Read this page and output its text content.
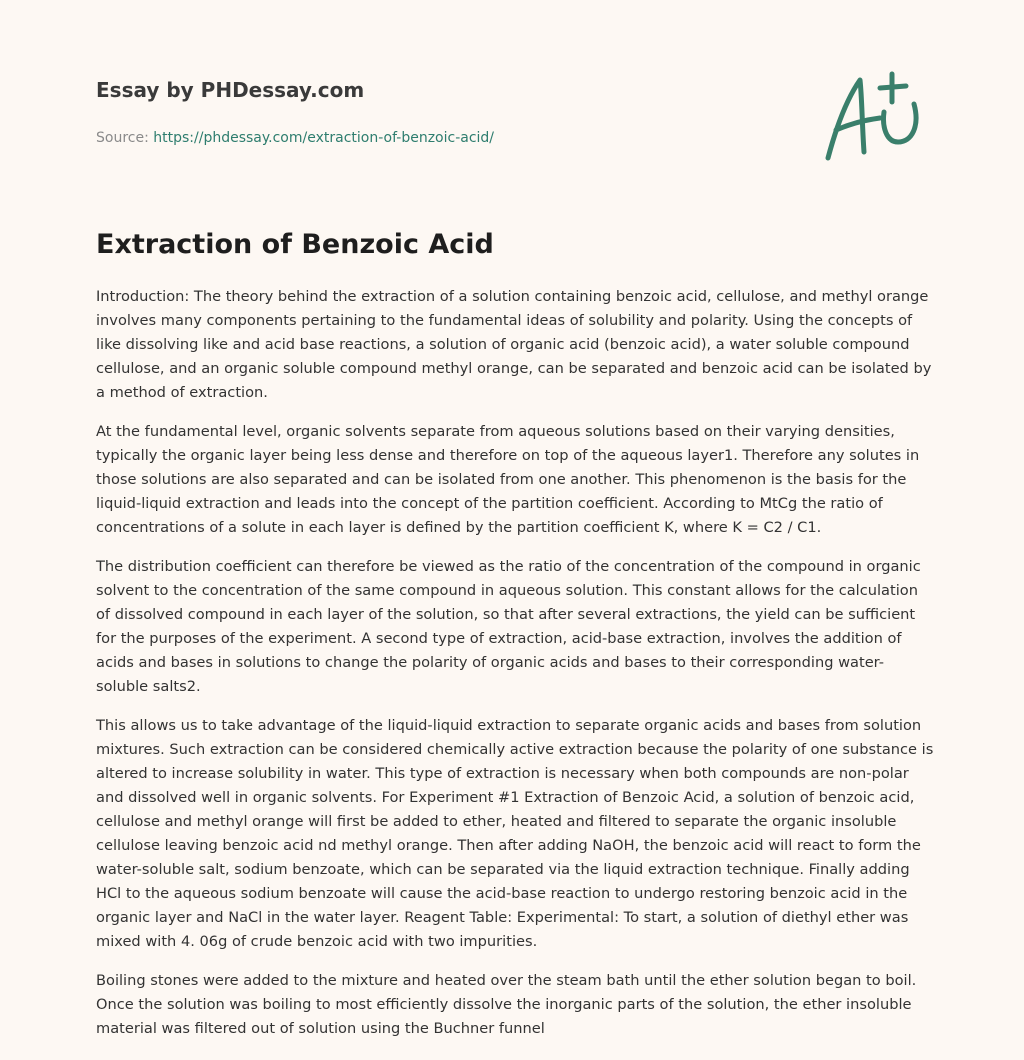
Essay by PHDessay.com
Source: https://phdessay.com/extraction-of-benzoic-acid/
Extraction of Benzoic Acid

Introduction: The theory behind the extraction of a solution containing benzoic acid, cellulose, and methyl orange involves many components pertaining to the fundamental ideas of solubility and polarity. Using the concepts of like dissolving like and acid base reactions, a solution of organic acid (benzoic acid), a water soluble compound cellulose, and an organic soluble compound methyl orange, can be separated and benzoic acid can be isolated by a method of extraction.

At the fundamental level, organic solvents separate from aqueous solutions based on their varying densities, typically the organic layer being less dense and therefore on top of the aqueous layer1. Therefore any solutes in those solutions are also separated and can be isolated from one another. This phenomenon is the basis for the liquid-liquid extraction and leads into the concept of the partition coefficient. According to MtCg the ratio of concentrations of a solute in each layer is defined by the partition coefficient K, where K = C2 / C1.

The distribution coefficient can therefore be viewed as the ratio of the concentration of the compound in organic solvent to the concentration of the same compound in aqueous solution. This constant allows for the calculation of dissolved compound in each layer of the solution, so that after several extractions, the yield can be sufficient for the purposes of the experiment. A second type of extraction, acid-base extraction, involves the addition of acids and bases in solutions to change the polarity of organic acids and bases to their corresponding water-soluble salts2.

This allows us to take advantage of the liquid-liquid extraction to separate organic acids and bases from solution mixtures. Such extraction can be considered chemically active extraction because the polarity of one substance is altered to increase solubility in water. This type of extraction is necessary when both compounds are non-polar and dissolved well in organic solvents. For Experiment #1 Extraction of Benzoic Acid, a solution of benzoic acid, cellulose and methyl orange will first be added to ether, heated and filtered to separate the organic insoluble cellulose leaving benzoic acid nd methyl orange. Then after adding NaOH, the benzoic acid will react to form the water-soluble salt, sodium benzoate, which can be separated via the liquid extraction technique. Finally adding HCl to the aqueous sodium benzoate will cause the acid-base reaction to undergo restoring benzoic acid in the organic layer and NaCl in the water layer. Reagent Table: Experimental: To start, a solution of diethyl ether was mixed with 4. 06g of crude benzoic acid with two impurities.

Boiling stones were added to the mixture and heated over the steam bath until the ether solution began to boil. Once the solution was boiling to most efficiently dissolve the inorganic parts of the solution, the ether insoluble material was filtered out of solution using the Buchner funnel
